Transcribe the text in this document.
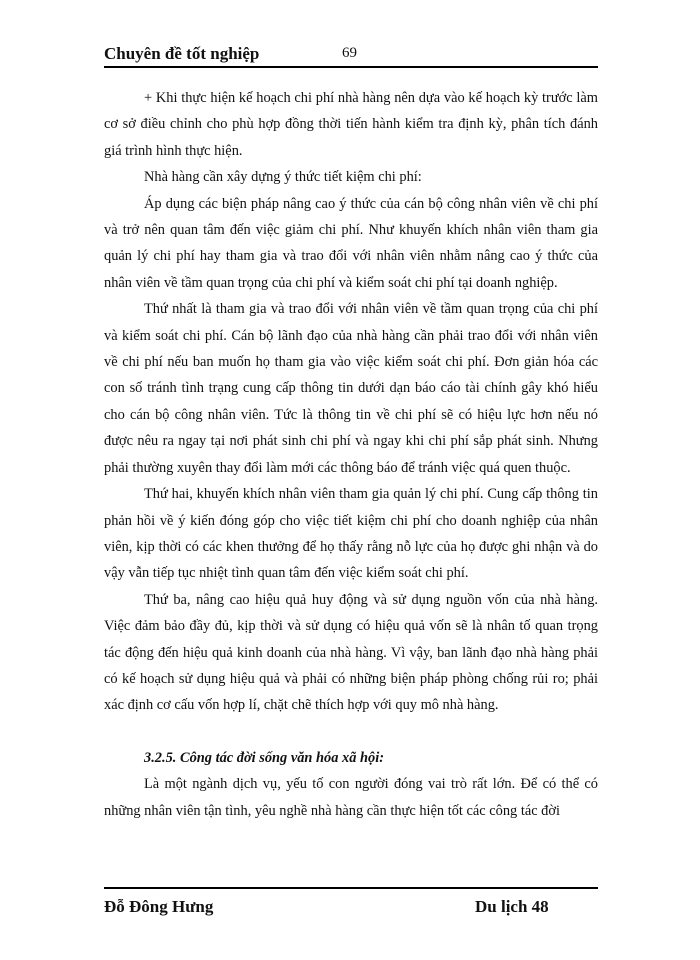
Chuyên đề tốt nghiệp	69

+ Khi thực hiện kế hoạch chi phí nhà hàng nên dựa vào kế hoạch kỳ trước làm cơ sở điều chỉnh cho phù hợp đồng thời tiến hành kiểm tra định kỳ, phân tích đánh giá trình hình thực hiện.

Nhà hàng cần xây dựng ý thức tiết kiệm chi phí:

Áp dụng các biện pháp nâng cao ý thức của cán bộ công nhân viên về chi phí và trở nên quan tâm đến việc giảm chi phí. Như khuyến khích nhân viên tham gia quản lý chi phí hay tham gia và trao đổi với nhân viên nhằm nâng cao ý thức của nhân viên về tầm quan trọng của chi phí và kiểm soát chi phí tại doanh nghiệp.

Thứ nhất là tham gia và trao đổi với nhân viên về tầm quan trọng của chi phí và kiểm soát chi phí. Cán bộ lãnh đạo của nhà hàng cần phải trao đổi với nhân viên về chi phí nếu ban muốn họ tham gia vào việc kiểm soát chi phí. Đơn giản hóa các con số tránh tình trạng cung cấp thông tin dưới dạn báo cáo tài chính gây khó hiểu cho cán bộ công nhân viên. Tức là thông tin về chi phí sẽ có hiệu lực hơn nếu nó được nêu ra ngay tại nơi phát sinh chi phí và ngay khi chi phí sắp phát sinh. Nhưng phải thường xuyên thay đổi làm mới các thông báo để tránh việc quá quen thuộc.

Thứ hai, khuyến khích nhân viên tham gia quản lý chi phí. Cung cấp thông tin phản hồi về ý kiến đóng góp cho việc tiết kiệm chi phí cho doanh nghiệp của nhân viên, kịp thời có các khen thưởng để họ thấy rằng nỗ lực của họ được ghi nhận và do vậy vẫn tiếp tục nhiệt tình quan tâm đến việc kiểm soát chi phí.

Thứ ba, nâng cao hiệu quả huy động và sử dụng nguồn vốn của nhà hàng. Việc đảm bảo đầy đủ, kịp thời và sử dụng có hiệu quả vốn sẽ là nhân tố quan trọng tác động đến hiệu quả kinh doanh của nhà hàng. Vì vậy, ban lãnh đạo nhà hàng phải có kế hoạch sử dụng hiệu quả và phải có những biện pháp phòng chống rủi ro; phải xác định cơ cấu vốn hợp lí, chặt chẽ thích hợp với quy mô nhà hàng.

3.2.5. Công tác đời sống văn hóa xã hội:

Là một ngành dịch vụ, yếu tố con người đóng vai trò rất lớn. Để có thể có những nhân viên tận tình, yêu nghề nhà hàng cần thực hiện tốt các công tác đời

Đỗ Đông Hưng	Du lịch 48
